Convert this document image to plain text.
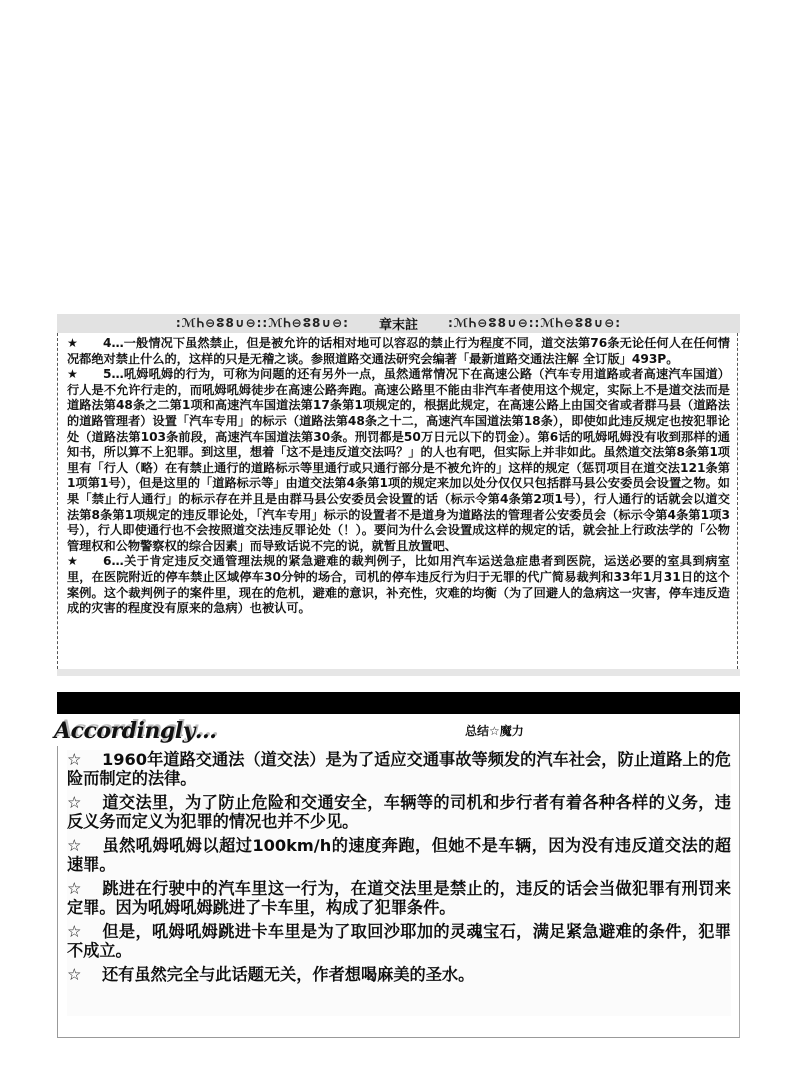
:ℳᏂ⊖ⵓ8∪⊖::ℳᏂ⊖ⵓ8∪⊖: 章末註	:ℳᏂ⊖ⵓ8∪⊖::ℳᏂ⊖ⵓ8∪⊖:

★ 4…一般情况下虽然禁止，但是被允许的话相对地可以容忍的禁止行为程度不同，道交法第76条无论任何人在任何情况都绝对禁止什么的，这样的只是无稽之谈。参照道路交通法研究会编著「最新道路交通法注解 全订版」493P。

★ 5…吼姆吼姆的行为，可称为问题的还有另外一点，虽然通常情况下在高速公路（汽车专用道路或者高速汽车国道）行人是不允许行走的，而吼姆吼姆徒步在高速公路奔跑。高速公路里不能由非汽车者使用这个规定，实际上不是道交法而是道路法第48条之二第1项和高速汽车国道法第17条第1项规定的，根据此规定，在高速公路上由国交省或者群马县（道路法的道路管理者）设置「汽车专用」的标示（道路法第48条之十二，高速汽车国道法第18条），即使如此违反规定也按犯罪论处（道路法第103条前段，高速汽车国道法第30条。刑罚都是50万日元以下的罚金）。第6话的吼姆吼姆没有收到那样的通知书，所以算不上犯罪。到这里，想着「这不是违反道交法吗？」的人也有吧，但实际上并非如此。虽然道交法第8条第1项里有「行人（略）在有禁止通行的道路标示等里通行或只通行部分是不被允许的」这样的规定（惩罚项目在道交法121条第1项第1号），但是这里的「道路标示等」由道交法第4条第1项的规定来加以处分仅仅只包括群马县公安委员会设置之物。如果「禁止行人通行」的标示存在并且是由群马县公安委员会设置的话（标示令第4条第2项1号），行人通行的话就会以道交法第8条第1项规定的违反罪论处，「汽车专用」标示的设置者不是道身为道路法的管理者公安委员会（标示令第4条第1项3号），行人即使通行也不会按照道交法违反罪论处（！）。要问为什么会设置成这样的规定的话，就会扯上行政法学的「公物管理权和公物警察权的综合因素」而导致话说不完的说，就暂且放置吧、

★ 6…关于肯定违反交通管理法规的紧急避难的裁判例子，比如用汽车运送急症患者到医院，运送必要的室具到病室里，在医院附近的停车禁止区域停车30分钟的场合，司机的停车违反行为归于无罪的代广简易裁判和33年1月31日的这个案例。这个裁判例子的案件里，现在的危机，避难的意识，补充性，灾难的均衡（为了回避人的急病这一灾害，停车违反造成的灾害的程度没有原来的急病）也被认可。

Accordingly…	总结☆魔力

☆ 1960年道路交通法（道交法）是为了适应交通事故等频发的汽车社会，防止道路上的危险而制定的法律。

☆ 道交法里，为了防止危险和交通安全，车辆等的司机和步行者有着各种各样的义务，违反义务而定义为犯罪的情况也并不少见。

☆ 虽然吼姆吼姆以超过100km/h的速度奔跑，但她不是车辆，因为没有违反道交法的超速罪。

☆ 跳进在行驶中的汽车里这一行为，在道交法里是禁止的，违反的话会当做犯罪有刑罚来定罪。因为吼姆吼姆跳进了卡车里，构成了犯罪条件。

☆ 但是，吼姆吼姆跳进卡车里是为了取回沙耶加的灵魂宝石，满足紧急避难的条件，犯罪不成立。

☆ 还有虽然完全与此话题无关，作者想喝麻美的圣水。
